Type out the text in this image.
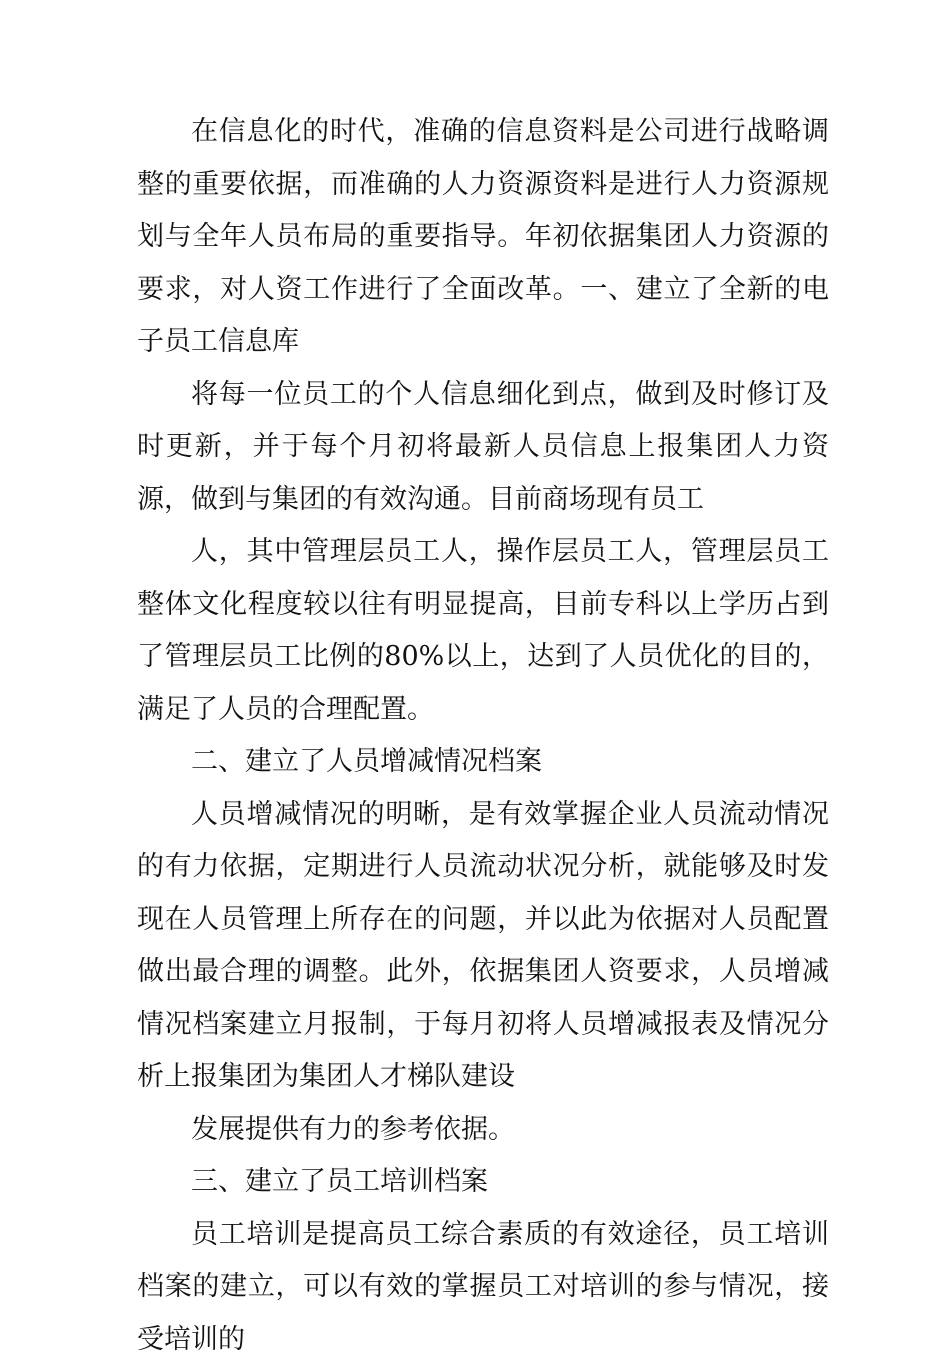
在信息化的时代，准确的信息资料是公司进行战略调整的重要依据，而准确的人力资源资料是进行人力资源规划与全年人员布局的重要指导。年初依据集团人力资源的要求，对人资工作进行了全面改革。一、建立了全新的电子员工信息库

将每一位员工的个人信息细化到点，做到及时修订及时更新，并于每个月初将最新人员信息上报集团人力资源，做到与集团的有效沟通。目前商场现有员工

人，其中管理层员工人，操作层员工人，管理层员工整体文化程度较以往有明显提高，目前专科以上学历占到了管理层员工比例的80%以上，达到了人员优化的目的，满足了人员的合理配置。

二、建立了人员增减情况档案

人员增减情况的明晰，是有效掌握企业人员流动情况的有力依据，定期进行人员流动状况分析，就能够及时发现在人员管理上所存在的问题，并以此为依据对人员配置做出最合理的调整。此外，依据集团人资要求，人员增减情况档案建立月报制，于每月初将人员增减报表及情况分析上报集团为集团人才梯队建设

发展提供有力的参考依据。

三、建立了员工培训档案

员工培训是提高员工综合素质的有效途径，员工培训档案的建立，可以有效的掌握员工对培训的参与情况，接受培训的
